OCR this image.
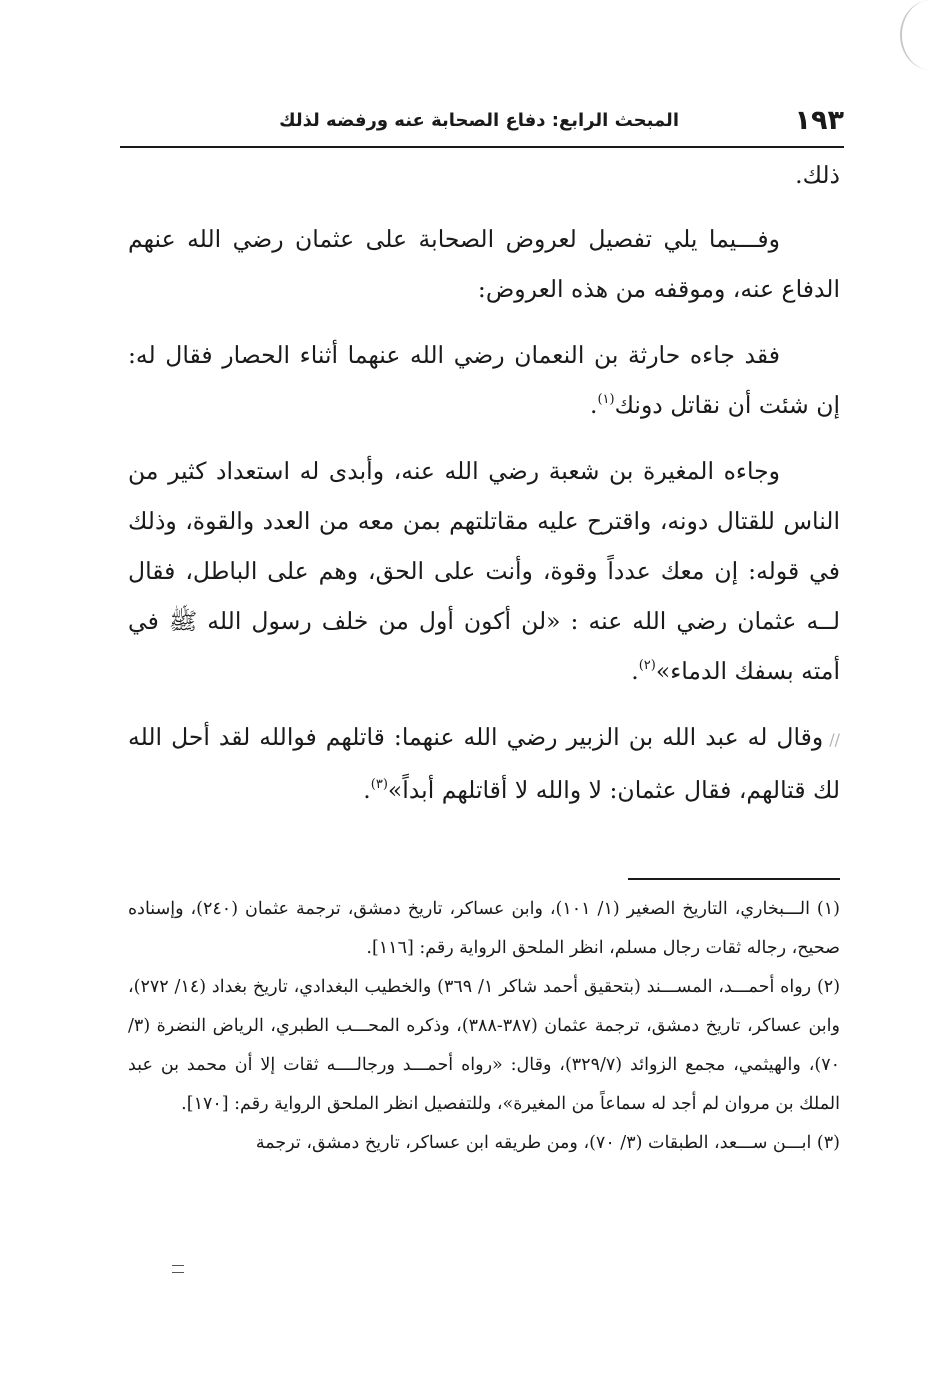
١٩٣
المبحث الرابع: دفاع الصحابة عنه ورفضه لذلك

ذلك.

وفـــيما يلي تفصيل لعروض الصحابة على عثمان رضي الله عنهم الدفاع عنه، وموقفه من هذه العروض:

فقد جاءه حارثة بن النعمان رضي الله عنهما أثناء الحصار فقال له: إن شئت أن نقاتل دونك$^{(١)}$.

وجاءه المغيرة بن شعبة رضي الله عنه، وأبدى له استعداد كثير من الناس للقتال دونه، واقترح عليه مقاتلتهم بمن معه من العدد والقوة، وذلك في قوله: إن معك عدداً وقوة، وأنت على الحق، وهم على الباطل، فقال لــه عثمان رضي الله عنه : «لن أكون أول من خلف رسول الله ﷺ في أمته بسفك الدماء»$^{(٢)}$.

//وقال له عبد الله بن الزبير رضي الله عنهما: قاتلهم فوالله لقد أحل الله لك قتالهم، فقال عثمان: لا والله لا أقاتلهم أبداً»$^{(٣)}$.

(١) الـــبخاري، التاريخ الصغير (١/ ١٠١)، وابن عساكر، تاريخ دمشق، ترجمة عثمان (٢٤٠)، وإسناده صحيح، رجاله ثقات رجال مسلم، انظر الملحق الرواية رقم: [١١٦].

(٢) رواه أحمـــد، المســـند (بتحقيق أحمد شاكر ١/ ٣٦٩) والخطيب البغدادي، تاريخ بغداد (١٤/ ٢٧٢)، وابن عساكر، تاريخ دمشق، ترجمة عثمان (٣٨٧-٣٨٨)، وذكره المحـــب الطبري، الرياض النضرة (٣/ ٧٠)، والهيثمي، مجمع الزوائد (٣٢٩/٧)، وقال: «رواه أحمـــد ورجالــــه ثقات إلا أن محمد بن عبد الملك بن مروان لم أجد له سماعاً من المغيرة»، وللتفصيل انظر الملحق الرواية رقم: [١٧٠].

(٣) ابـــن ســـعد، الطبقات (٣/ ٧٠)، ومن طريقه ابن عساكر، تاريخ دمشق، ترجمة
